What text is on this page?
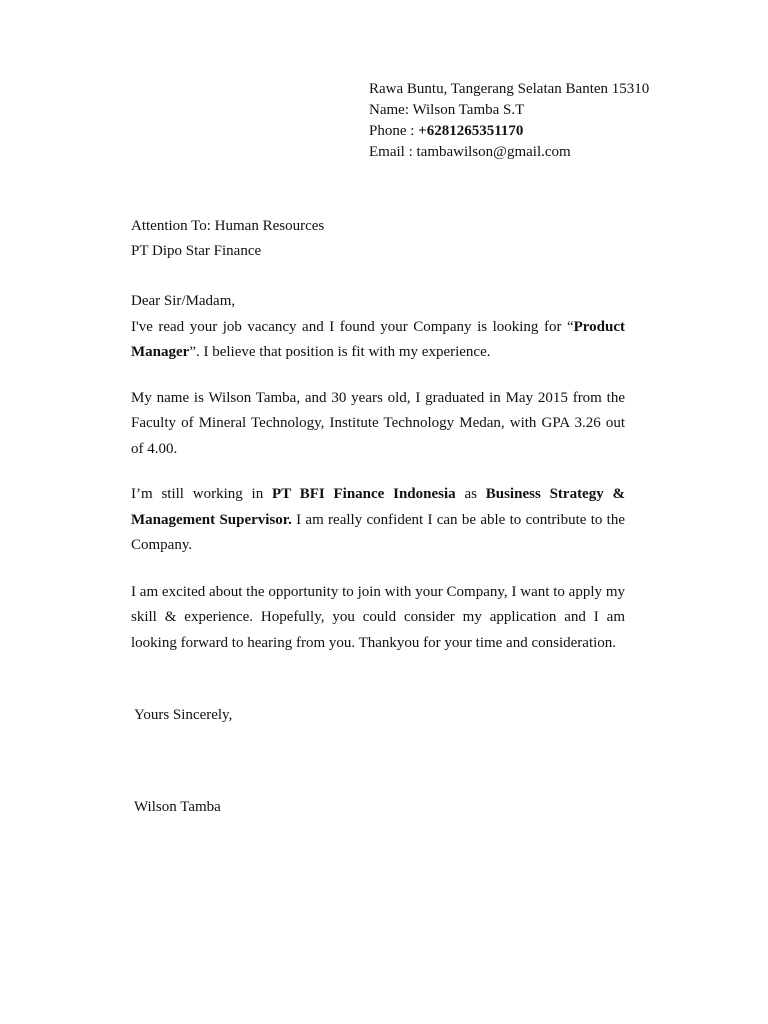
Rawa Buntu, Tangerang Selatan Banten 15310
Name: Wilson Tamba S.T
Phone : +6281265351170
Email : tambawilson@gmail.com
Attention To: Human Resources
PT Dipo Star Finance

Dear Sir/Madam,

I've read your job vacancy and I found your Company is looking for “Product Manager”. I believe that position is fit with my experience.

My name is Wilson Tamba, and 30 years old, I graduated in May 2015 from the Faculty of Mineral Technology, Institute Technology Medan, with GPA 3.26 out of 4.00.

I’m still working in PT BFI Finance Indonesia as Business Strategy & Management Supervisor. I am really confident I can be able to contribute to the Company.

I am excited about the opportunity to join with your Company, I want to apply my skill & experience. Hopefully, you could consider my application and I am looking forward to hearing from you. Thankyou for your time and consideration.

Yours Sincerely,
Wilson Tamba
